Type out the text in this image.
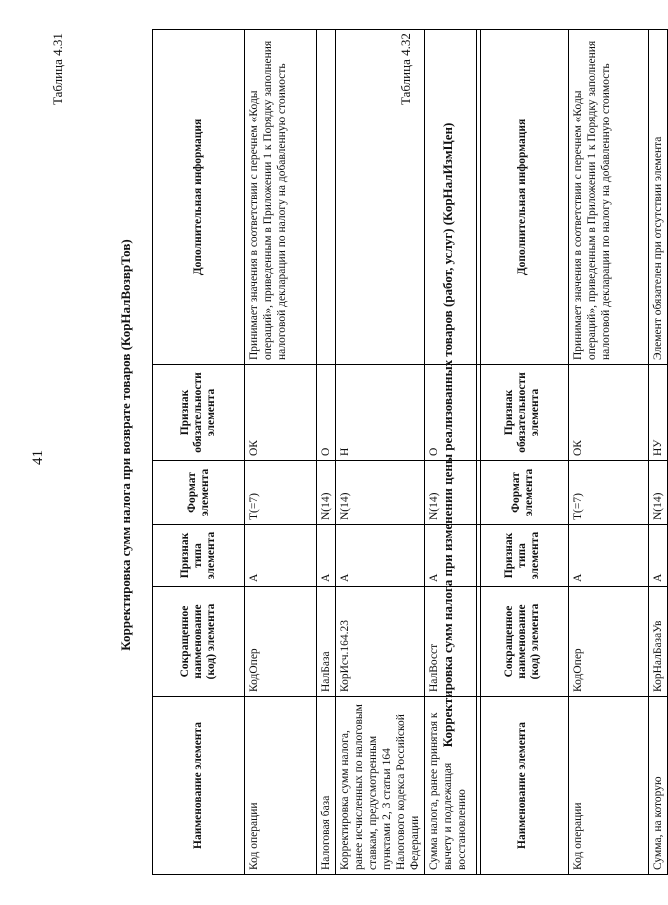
41
Таблица 4.31
Корректировка сумм налога при возврате товаров (КорНалВозврТов)
Наименование элемента	Сокращенное наименование (код) элемента	Признак типа элемента	Формат элемента	Признак обязательности элемента	Дополнительная информация
Код операции	КодОпер	А	Т(=7)	ОК	Принимает значения в соответствии с перечнем «Коды операций», приведенным в Приложении 1 к Порядку заполнения налоговой декларации по налогу на добавленную стоимость
Налоговая база	НалБаза	А	N(14)	О	
Корректировка сумм налога, ранее исчисленных по налоговым ставкам, предусмотренным пунктами 2, 3 статьи 164 Налогового кодекса Российской Федерации	КорИсч.164.23	А	N(14)	Н	
Сумма налога, ранее принятая к вычету и подлежащая восстановлению	НалВосст	А	N(14)	О	
Таблица 4.32
Корректировка сумм налога при изменении цены реализованных товаров (работ, услуг) (КорНалИзмЦен)
Наименование элемента	Сокращенное наименование (код) элемента	Признак типа элемента	Формат элемента	Признак обязательности элемента	Дополнительная информация
Код операции	КодОпер	А	Т(=7)	ОК	Принимает значения в соответствии с перечнем «Коды операций», приведенным в Приложении 1 к Порядку заполнения налоговой декларации по налогу на добавленную стоимость
Сумма, на которую	КорНалБазаУв	А	N(14)	НУ	Элемент обязателен при отсутствии элемента
